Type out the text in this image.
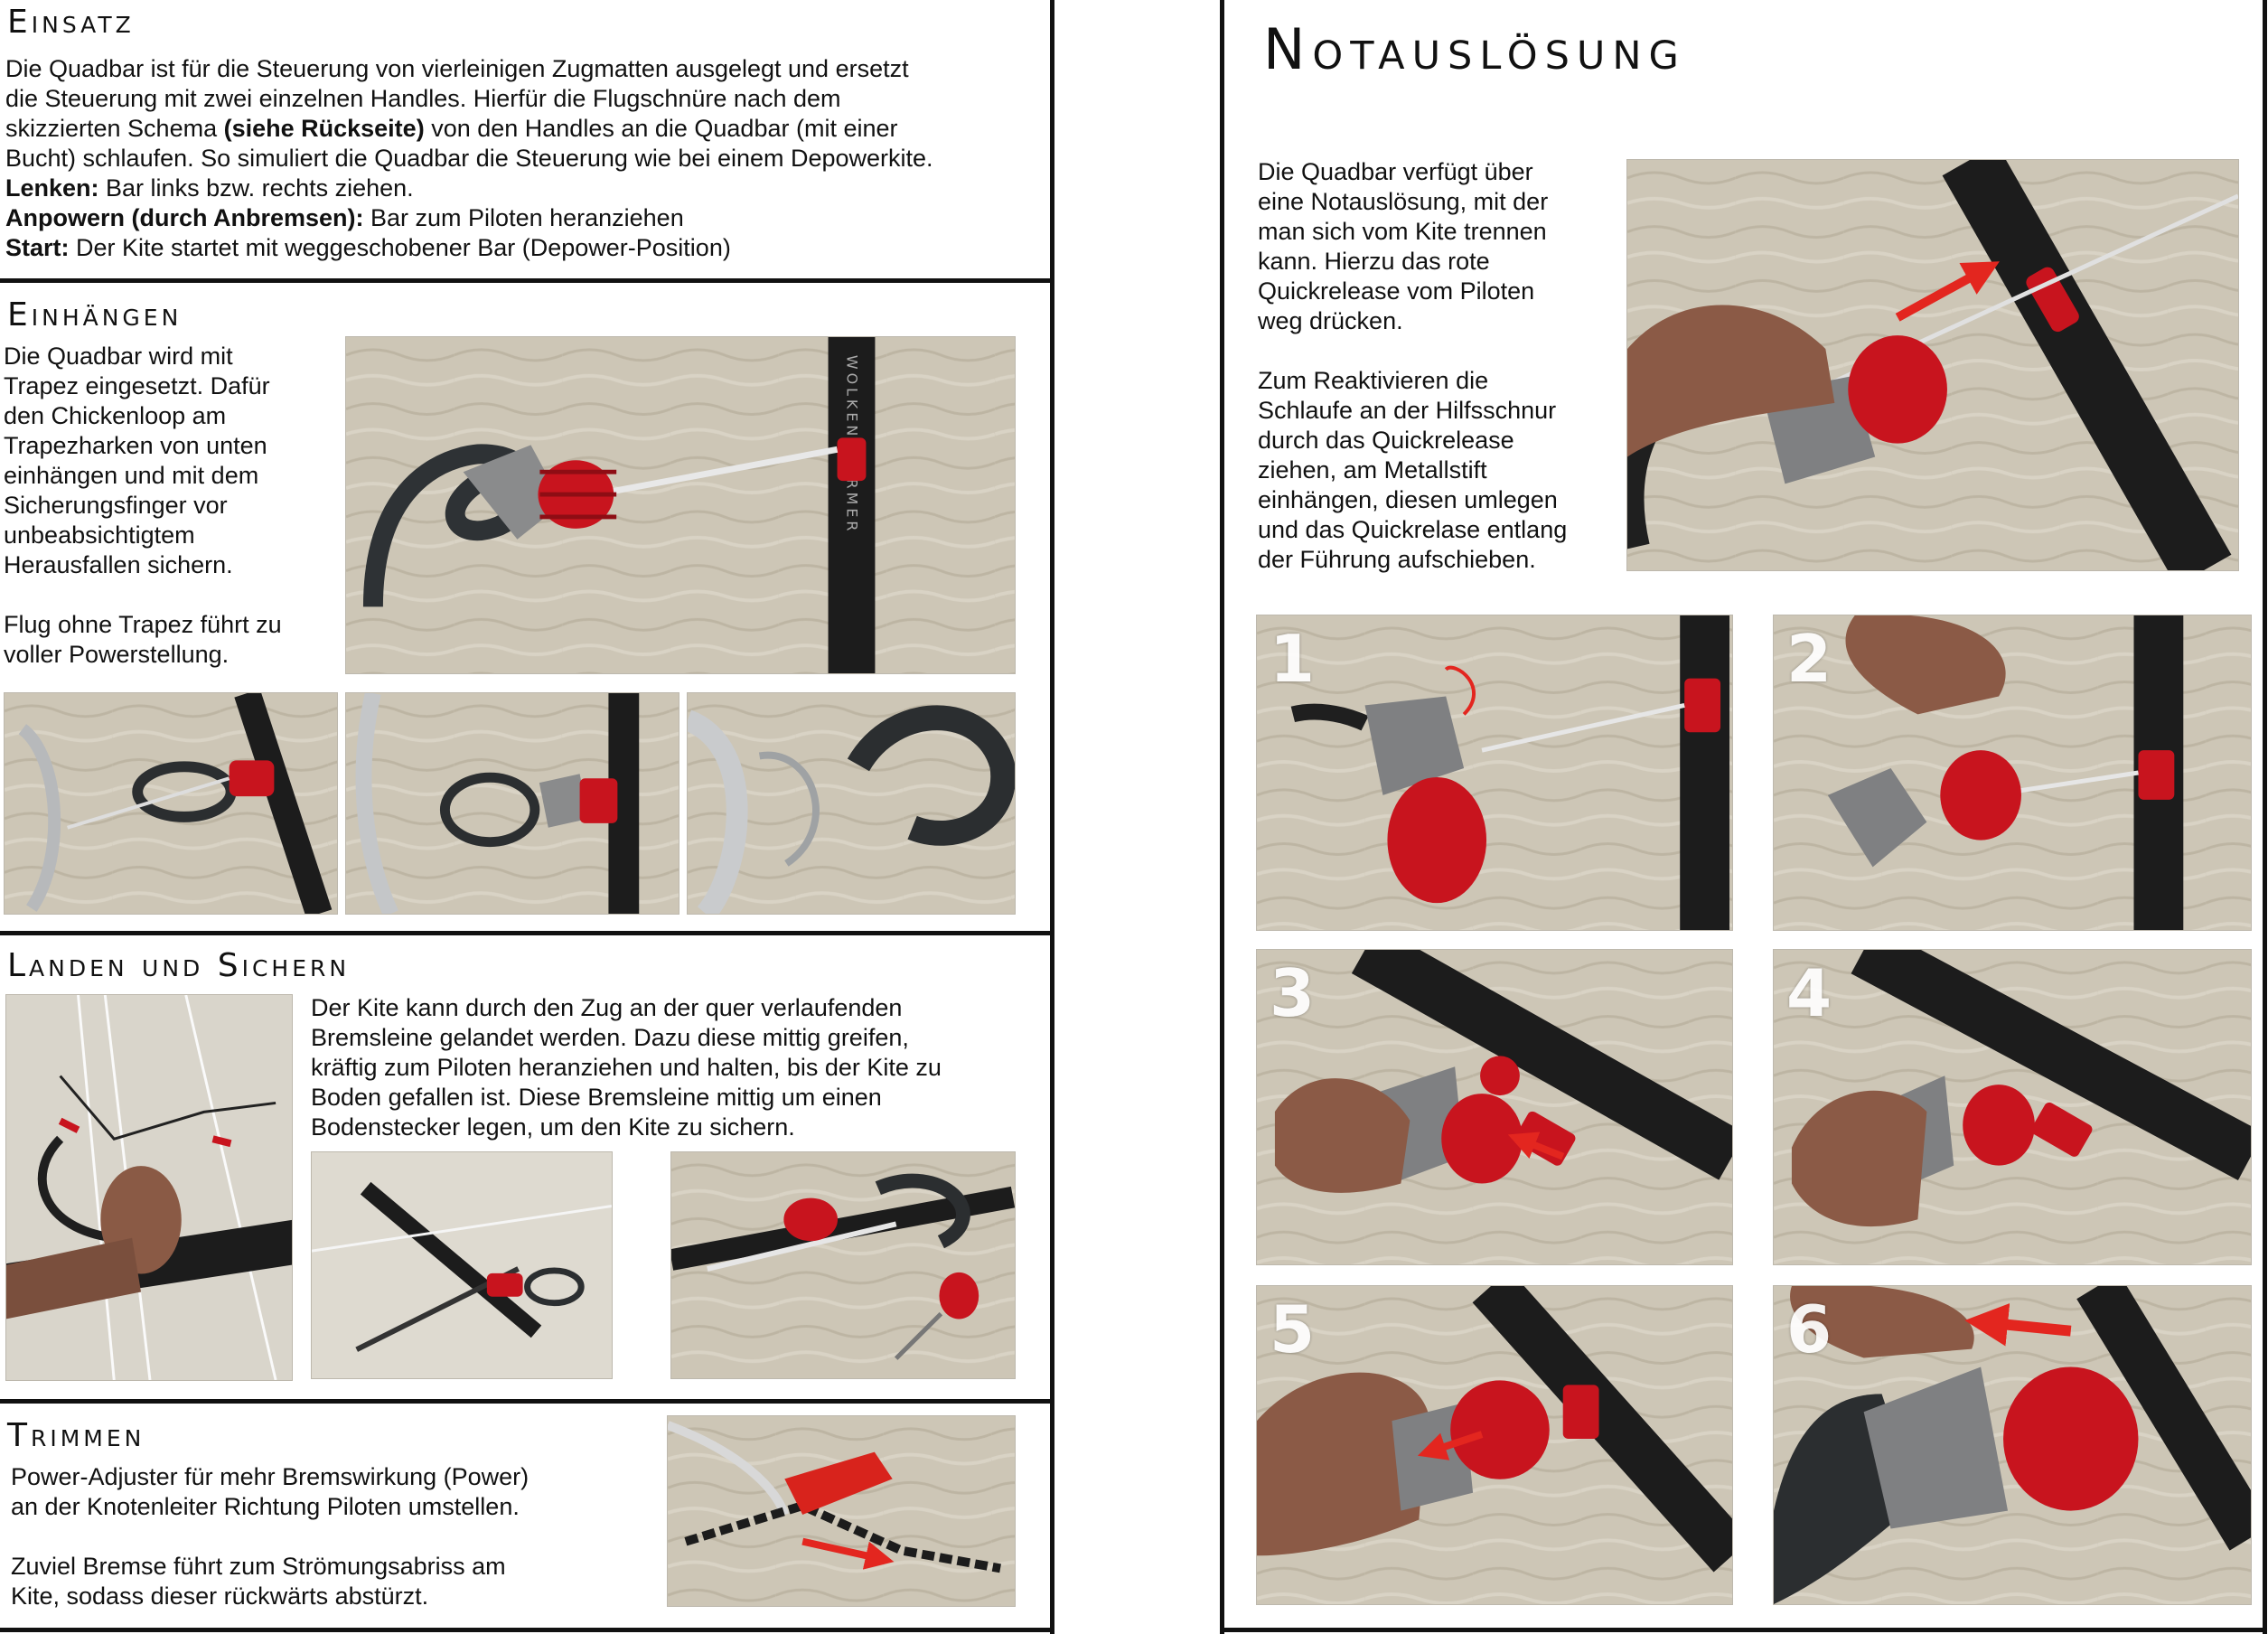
Einsatz
Die Quadbar ist für die Steuerung von vierleinigen Zugmatten ausgelegt und ersetzt
die Steuerung mit zwei einzelnen Handles. Hierfür die Flugschnüre nach dem
skizzierten Schema (siehe Rückseite) von den Handles an die Quadbar (mit einer
Bucht) schlaufen. So simuliert die Quadbar die Steuerung wie bei einem Depowerkite.
Lenken: Bar links bzw. rechts ziehen.
Anpowern (durch Anbremsen): Bar zum Piloten heranziehen
Start: Der Kite startet mit weggeschobener Bar (Depower-Position)
Einhängen
Die Quadbar wird mit
Trapez eingesetzt. Dafür
den Chickenloop am
Trapezharken von unten
einhängen und mit dem
Sicherungsfinger vor
unbeabsichtigtem
Herausfallen sichern.
Flug ohne Trapez führt zu
voller Powerstellung.
Landen und Sichern
Der Kite kann durch den Zug an der quer verlaufenden
Bremsleine gelandet werden. Dazu diese mittig greifen,
kräftig zum Piloten heranziehen und halten, bis der Kite zu
Boden gefallen ist. Diese Bremsleine mittig um einen
Bodenstecker legen, um den Kite zu sichern.
Trimmen
Power-Adjuster für mehr Bremswirkung (Power)
an der Knotenleiter Richtung Piloten umstellen.
Zuviel Bremse führt zum Strömungsabriss am
Kite, sodass dieser rückwärts abstürzt.
Notauslösung
Die Quadbar verfügt über
eine Notauslösung, mit der
man sich vom Kite trennen
kann. Hierzu das rote
Quickrelease vom Piloten
weg drücken.
Zum Reaktivieren die
Schlaufe an der Hilfsschnur
durch das Quickrelease
ziehen, am Metallstift
einhängen, diesen umlegen
und das Quickrelase entlang
der Führung aufschieben.
1	2
3	4
5	6
